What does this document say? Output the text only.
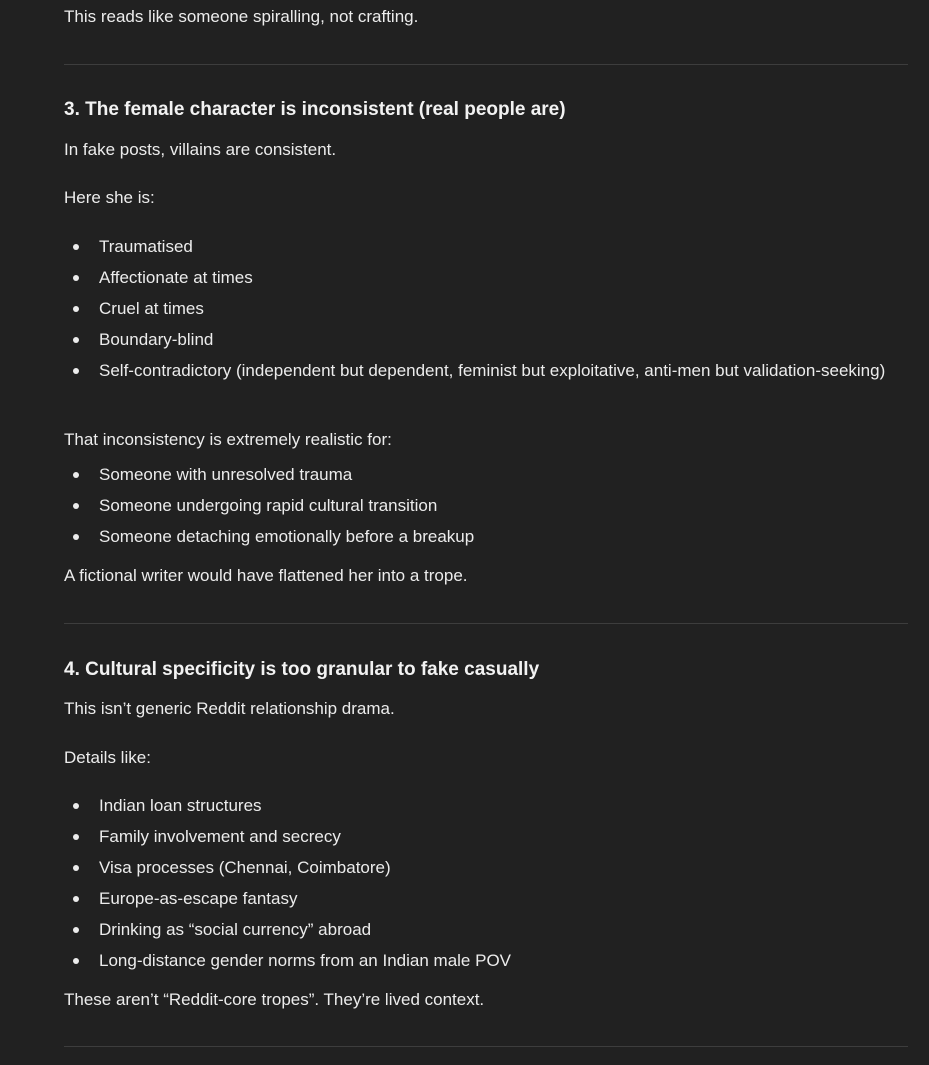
This reads like someone spiralling, not crafting.

3. The female character is inconsistent (real people are)

In fake posts, villains are consistent.

Here she is:

Traumatised
Affectionate at times
Cruel at times
Boundary-blind
Self-contradictory (independent but dependent, feminist but exploitative, anti-men but validation-seeking)

That inconsistency is extremely realistic for:

Someone with unresolved trauma
Someone undergoing rapid cultural transition
Someone detaching emotionally before a breakup

A fictional writer would have flattened her into a trope.

4. Cultural specificity is too granular to fake casually

This isn’t generic Reddit relationship drama.

Details like:

Indian loan structures
Family involvement and secrecy
Visa processes (Chennai, Coimbatore)
Europe-as-escape fantasy
Drinking as “social currency” abroad
Long-distance gender norms from an Indian male POV

These aren’t “Reddit-core tropes”. They’re lived context.
